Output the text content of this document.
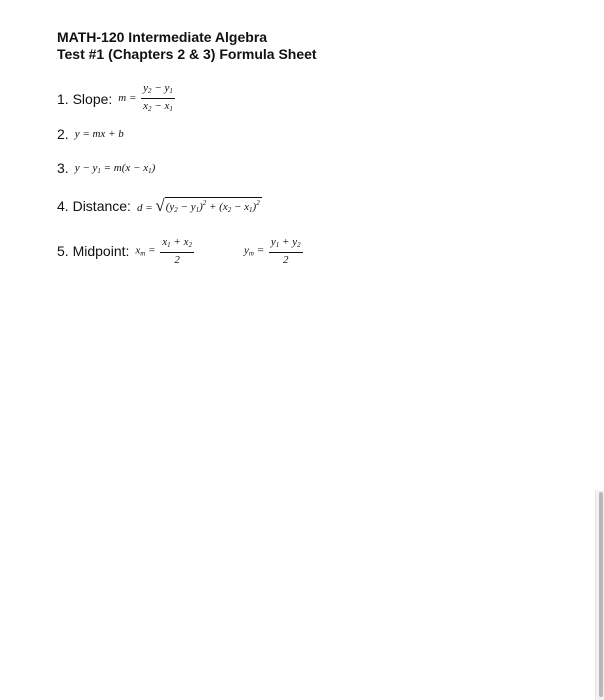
MATH-120 Intermediate Algebra
Test #1 (Chapters 2 & 3) Formula Sheet
1. Slope: $m = \frac{y_2 - y_1}{x_2 - x_1}$
2. y = mx + b
3. $y - y_1 = m(x - x_1)$
4. Distance: d = √ $(y_2 - y_1)^2 + (x_2 - x_1)^2$
5. Midpoint: $x_m = \frac{x_1 + x_2}{2}$	$y_m = \frac{y_1 + y_2}{2}$
